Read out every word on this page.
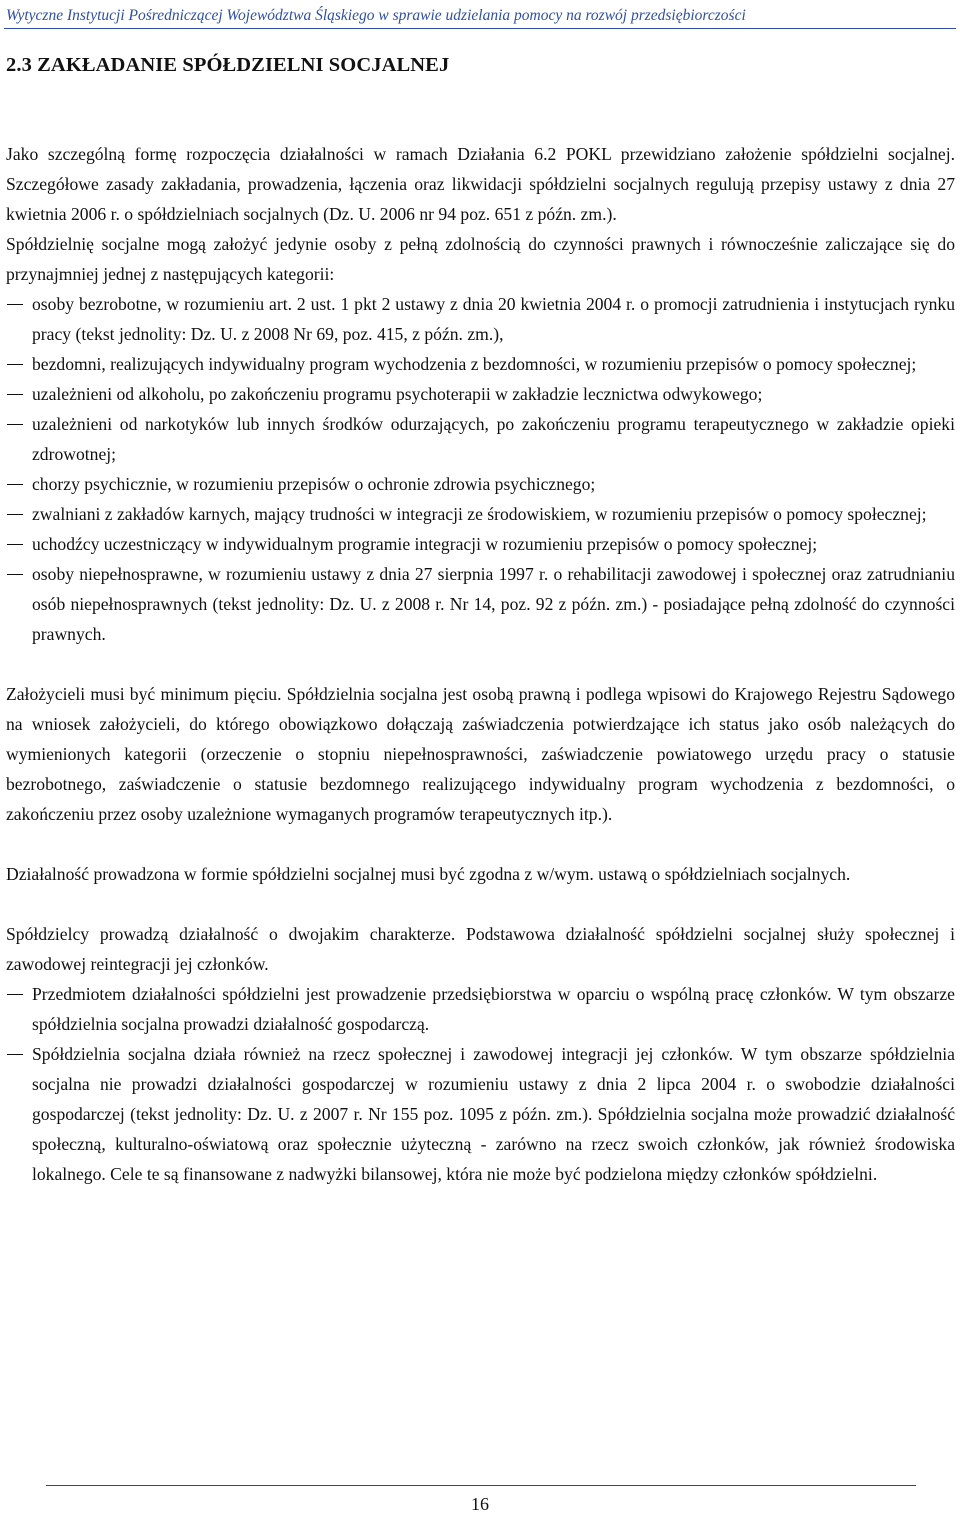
Wytyczne Instytucji Pośredniczącej Województwa Śląskiego w sprawie udzielania pomocy na rozwój przedsiębiorczości
2.3 ZAKŁADANIE SPÓŁDZIELNI SOCJALNEJ

Jako szczególną formę rozpoczęcia działalności w ramach Działania 6.2 POKL przewidziano założenie spółdzielni socjalnej. Szczegółowe zasady zakładania, prowadzenia, łączenia oraz likwidacji spółdzielni socjalnych regulują przepisy ustawy z dnia 27 kwietnia 2006 r. o spółdzielniach socjalnych (Dz. U. 2006 nr 94 poz. 651 z późn. zm.).

Spółdzielnię socjalne mogą założyć jedynie osoby z pełną zdolnością do czynności prawnych i równocześnie zaliczające się do przynajmniej jednej z następujących kategorii:

osoby bezrobotne, w rozumieniu art. 2 ust. 1 pkt 2 ustawy z dnia 20 kwietnia 2004 r. o promocji zatrudnienia i instytucjach rynku pracy (tekst jednolity: Dz. U. z 2008 Nr 69, poz. 415, z późn. zm.),
bezdomni, realizujących indywidualny program wychodzenia z bezdomności, w rozumieniu przepisów o pomocy społecznej;
uzależnieni od alkoholu, po zakończeniu programu psychoterapii w zakładzie lecznictwa odwykowego;
uzależnieni od narkotyków lub innych środków odurzających, po zakończeniu programu terapeutycznego w zakładzie opieki zdrowotnej;
chorzy psychicznie, w rozumieniu przepisów o ochronie zdrowia psychicznego;
zwalniani z zakładów karnych, mający trudności w integracji ze środowiskiem, w rozumieniu przepisów o pomocy społecznej;
uchodźcy uczestniczący w indywidualnym programie integracji w rozumieniu przepisów o pomocy społecznej;
osoby niepełnosprawne, w rozumieniu ustawy z dnia 27 sierpnia 1997 r. o rehabilitacji zawodowej i społecznej oraz zatrudnianiu osób niepełnosprawnych (tekst jednolity: Dz. U. z 2008 r. Nr 14, poz. 92 z późn. zm.) - posiadające pełną zdolność do czynności prawnych.

Założycieli musi być minimum pięciu. Spółdzielnia socjalna jest osobą prawną i podlega wpisowi do Krajowego Rejestru Sądowego na wniosek założycieli, do którego obowiązkowo dołączają zaświadczenia potwierdzające ich status jako osób należących do wymienionych kategorii (orzeczenie o stopniu niepełnosprawności, zaświadczenie powiatowego urzędu pracy o statusie bezrobotnego, zaświadczenie o statusie bezdomnego realizującego indywidualny program wychodzenia z bezdomności, o zakończeniu przez osoby uzależnione wymaganych programów terapeutycznych itp.).

Działalność prowadzona w formie spółdzielni socjalnej musi być zgodna z w/wym. ustawą o spółdzielniach socjalnych.

Spółdzielcy prowadzą działalność o dwojakim charakterze. Podstawowa działalność spółdzielni socjalnej służy społecznej i zawodowej reintegracji jej członków.

Przedmiotem działalności spółdzielni jest prowadzenie przedsiębiorstwa w oparciu o wspólną pracę członków. W tym obszarze spółdzielnia socjalna prowadzi działalność gospodarczą.
Spółdzielnia socjalna działa również na rzecz społecznej i zawodowej integracji jej członków. W tym obszarze spółdzielnia socjalna nie prowadzi działalności gospodarczej w rozumieniu ustawy z dnia 2 lipca 2004 r. o swobodzie działalności gospodarczej (tekst jednolity: Dz. U. z 2007 r. Nr 155 poz. 1095 z późn. zm.). Spółdzielnia socjalna może prowadzić działalność społeczną, kulturalno-oświatową oraz społecznie użyteczną - zarówno na rzecz swoich członków, jak również środowiska lokalnego. Cele te są finansowane z nadwyżki bilansowej, która nie może być podzielona między członków spółdzielni.
16
